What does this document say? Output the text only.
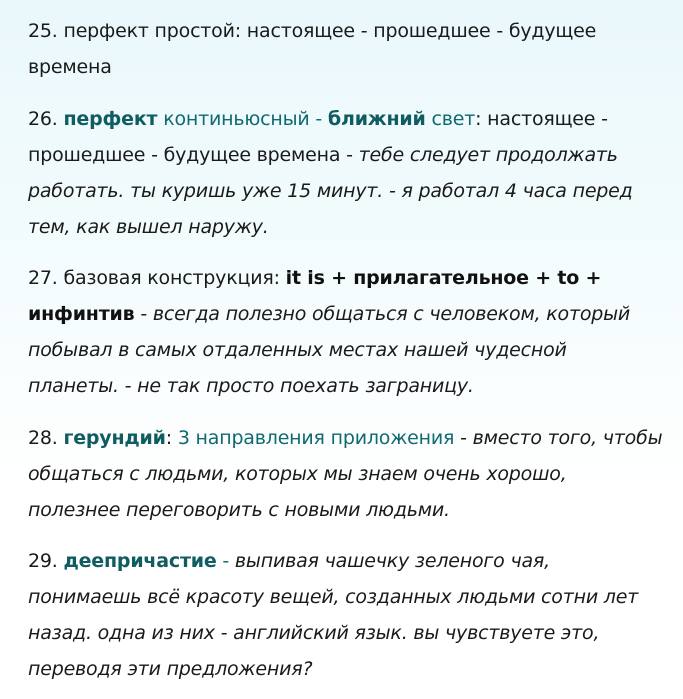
25. перфект простой: настоящее - прошедшее - будущее времена

26. перфект континьюсный - ближний свет: настоящее - прошедшее - будущее времена - тебе следует продолжать работать. ты куришь уже 15 минут. - я работал 4 часа перед тем, как вышел наружу.

27. базовая конструкция: it is + прилагательное + to + инфинтив - всегда полезно общаться с человеком, который побывал в самых отдаленных местах нашей чудесной планеты. - не так просто поехать заграницу.

28. герундий: 3 направления приложения - вместо того, чтобы общаться с людьми, которых мы знаем очень хорошо, полезнее переговорить с новыми людьми.

29. деепричастие - выпивая чашечку зеленого чая, понимаешь всё красоту вещей, созданных людьми сотни лет назад. одна из них - английский язык. вы чувствуете это, переводя эти предложения?
